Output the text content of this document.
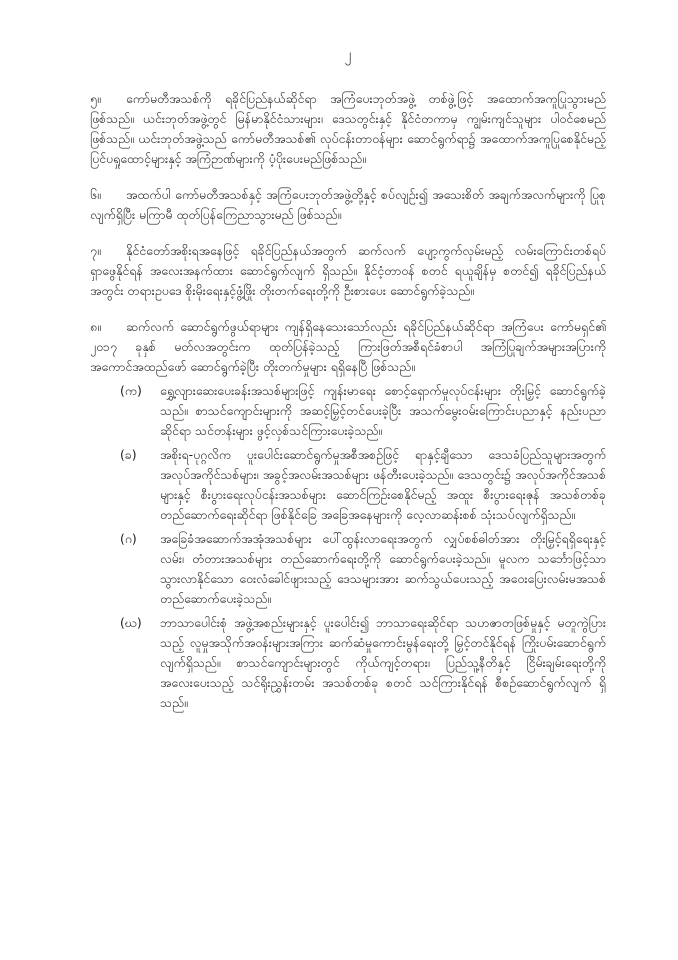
၂

၅။ ကော်မတီအသစ်ကို ရခိုင်ပြည်နယ်ဆိုင်ရာ အကြံပေးဘုတ်အဖွဲ့ တစ်ဖွဲ့ဖြင့် အထောက်အကူပြုသွားမည်ဖြစ်သည်။ ယင်းဘုတ်အဖွဲ့တွင် မြန်မာနိုင်ငံသားများ၊ ဒေသတွင်းနှင့် နိုင်ငံတကာမှ ကျွမ်းကျင်သူများ ပါဝင်စေမည်ဖြစ်သည်။ ယင်းဘုတ်အဖွဲ့သည် ကော်မတီအသစ်၏ လုပ်ငန်းတာဝန်များ ဆောင်ရွက်ရာ၌ အထောက်အကူပြုစေနိုင်မည့် ပြင်ပရှုထောင့်များနှင့် အကြံဉာဏ်များကို ပံ့ပိုးပေးမည်ဖြစ်သည်။

၆။ အထက်ပါ ကော်မတီအသစ်နှင့် အကြံပေးဘုတ်အဖွဲ့တို့နှင့် စပ်လျဉ်း၍ အသေးစိတ် အချက်အလက်များကို ပြုစုလျက်ရှိပြီး မကြာမီ ထုတ်ပြန်ကြေညာသွားမည် ဖြစ်သည်။

၇။ နိုင်ငံတော်အစိုးရအနေဖြင့် ရခိုင်ပြည်နယ်အတွက် ဆက်လက် ပျော့ကွက်လှမ်းမည့် လမ်းကြောင်းတစ်ရပ် ရှာဖွေနိုင်ရန် အလေးအနက်ထား ဆောင်ရွက်လျက် ရှိသည်။ နိုင်ငံ့တာဝန် စတင် ရယူချိန်မှ စတင်၍ ရခိုင်ပြည်နယ်အတွင်း တရားဥပဒေ စိုးမိုးရေးနှင့်ဖွံ့ဖြိုး တိုးတက်ရေးတို့ကို ဦးစားပေး ဆောင်ရွက်ခဲ့သည်။

၈။ ဆက်လက် ဆောင်ရွက်ဖွယ်ရာများ ကျန်ရှိနေသေးသော်လည်း ရခိုင်ပြည်နယ်ဆိုင်ရာ အကြံပေး ကော်မရှင်၏ ၂၀၁၇ ခုနှစ် မတ်လအတွင်းက ထုတ်ပြန်ခဲ့သည့် ကြားဖြတ်အစီရင်ခံစာပါ အကြံပြုချက်အများအပြားကို အကောင်အထည်ဖော် ဆောင်ရွက်ခဲ့ပြီး တိုးတက်မှုများ ရရှိနေပြီ ဖြစ်သည်။

(က) ရွှေ့လျားဆေးပေးခန်းအသစ်များဖြင့် ကျန်းမာရေး စောင့်ရှောက်မှုလုပ်ငန်းများ တိုးမြှင့် ဆောင်ရွက်ခဲ့သည်။ စာသင်ကျောင်းများကို အဆင့်မြှင့်တင်ပေးခဲ့ပြီး အသက်မွေးဝမ်းကြောင်းပညာနှင့် နည်းပညာဆိုင်ရာ သင်တန်းများ ဖွင့်လှစ်သင်ကြားပေးခဲ့သည်။
(ခ) အစိုးရ-ပုဂ္ဂလိက ပူးပေါင်းဆောင်ရွက်မှုအစီအစဉ်ဖြင့် ရာနှင့်ချီသော ဒေသခံပြည်သူများအတွက် အလုပ်အကိုင်သစ်များ၊ အခွင့်အလမ်းအသစ်များ ဖန်တီးပေးခဲ့သည်။ ဒေသတွင်း၌ အလုပ်အကိုင်အသစ်များနှင့် စီးပွားရေးလုပ်ငန်းအသစ်များ ဆောင်ကြဉ်းစေနိုင်မည့် အထူး စီးပွားရေးဇုန် အသစ်တစ်ခု တည်ဆောက်ရေးဆိုင်ရာ ဖြစ်နိုင်ခြေ အခြေအနေများကို လေ့လာဆန်းစစ် သုံးသပ်လျက်ရှိသည်။
(ဂ) အခြေခံအဆောက်အအုံအသစ်များ ပေါ်ထွန်းလာရေးအတွက် လျှပ်စစ်ဓါတ်အား တိုးမြှင့်ရရှိရေးနှင့် လမ်း၊ တံတားအသစ်များ တည်ဆောက်ရေးတို့ကို ဆောင်ရွက်ပေးခဲ့သည်။ မူလက သင်္ဘောဖြင့်သာ သွားလာနိုင်သော ဝေးလံခေါင်ဖျားသည့် ဒေသများအား ဆက်သွယ်ပေးသည့် အဝေးပြေးလမ်းမအသစ် တည်ဆောက်ပေးခဲ့သည်။
(ဃ) ဘာသာပေါင်းစုံ အဖွဲ့အစည်းများနှင့် ပူးပေါင်း၍ ဘာသာရေးဆိုင်ရာ သဟဇာတဖြစ်မှုနှင့် မတူကွဲပြားသည့် လူမှုအသိုက်အဝန်းများအကြား ဆက်ဆံမှုကောင်းမွန်ရေးတို့ မြှင့်တင်နိုင်ရန် ကြိုးပမ်းဆောင်ရွက်လျက်ရှိသည်။ စာသင်ကျောင်းများတွင် ကိုယ်ကျင့်တရား၊ ပြည်သူ့နီတိနှင့် ငြိမ်းချမ်းရေးတို့ကို အလေးပေးသည့် သင်ရိုးညွှန်းတမ်း အသစ်တစ်ခု စတင် သင်ကြားနိုင်ရန် စီစဉ်ဆောင်ရွက်လျက် ရှိသည်။
